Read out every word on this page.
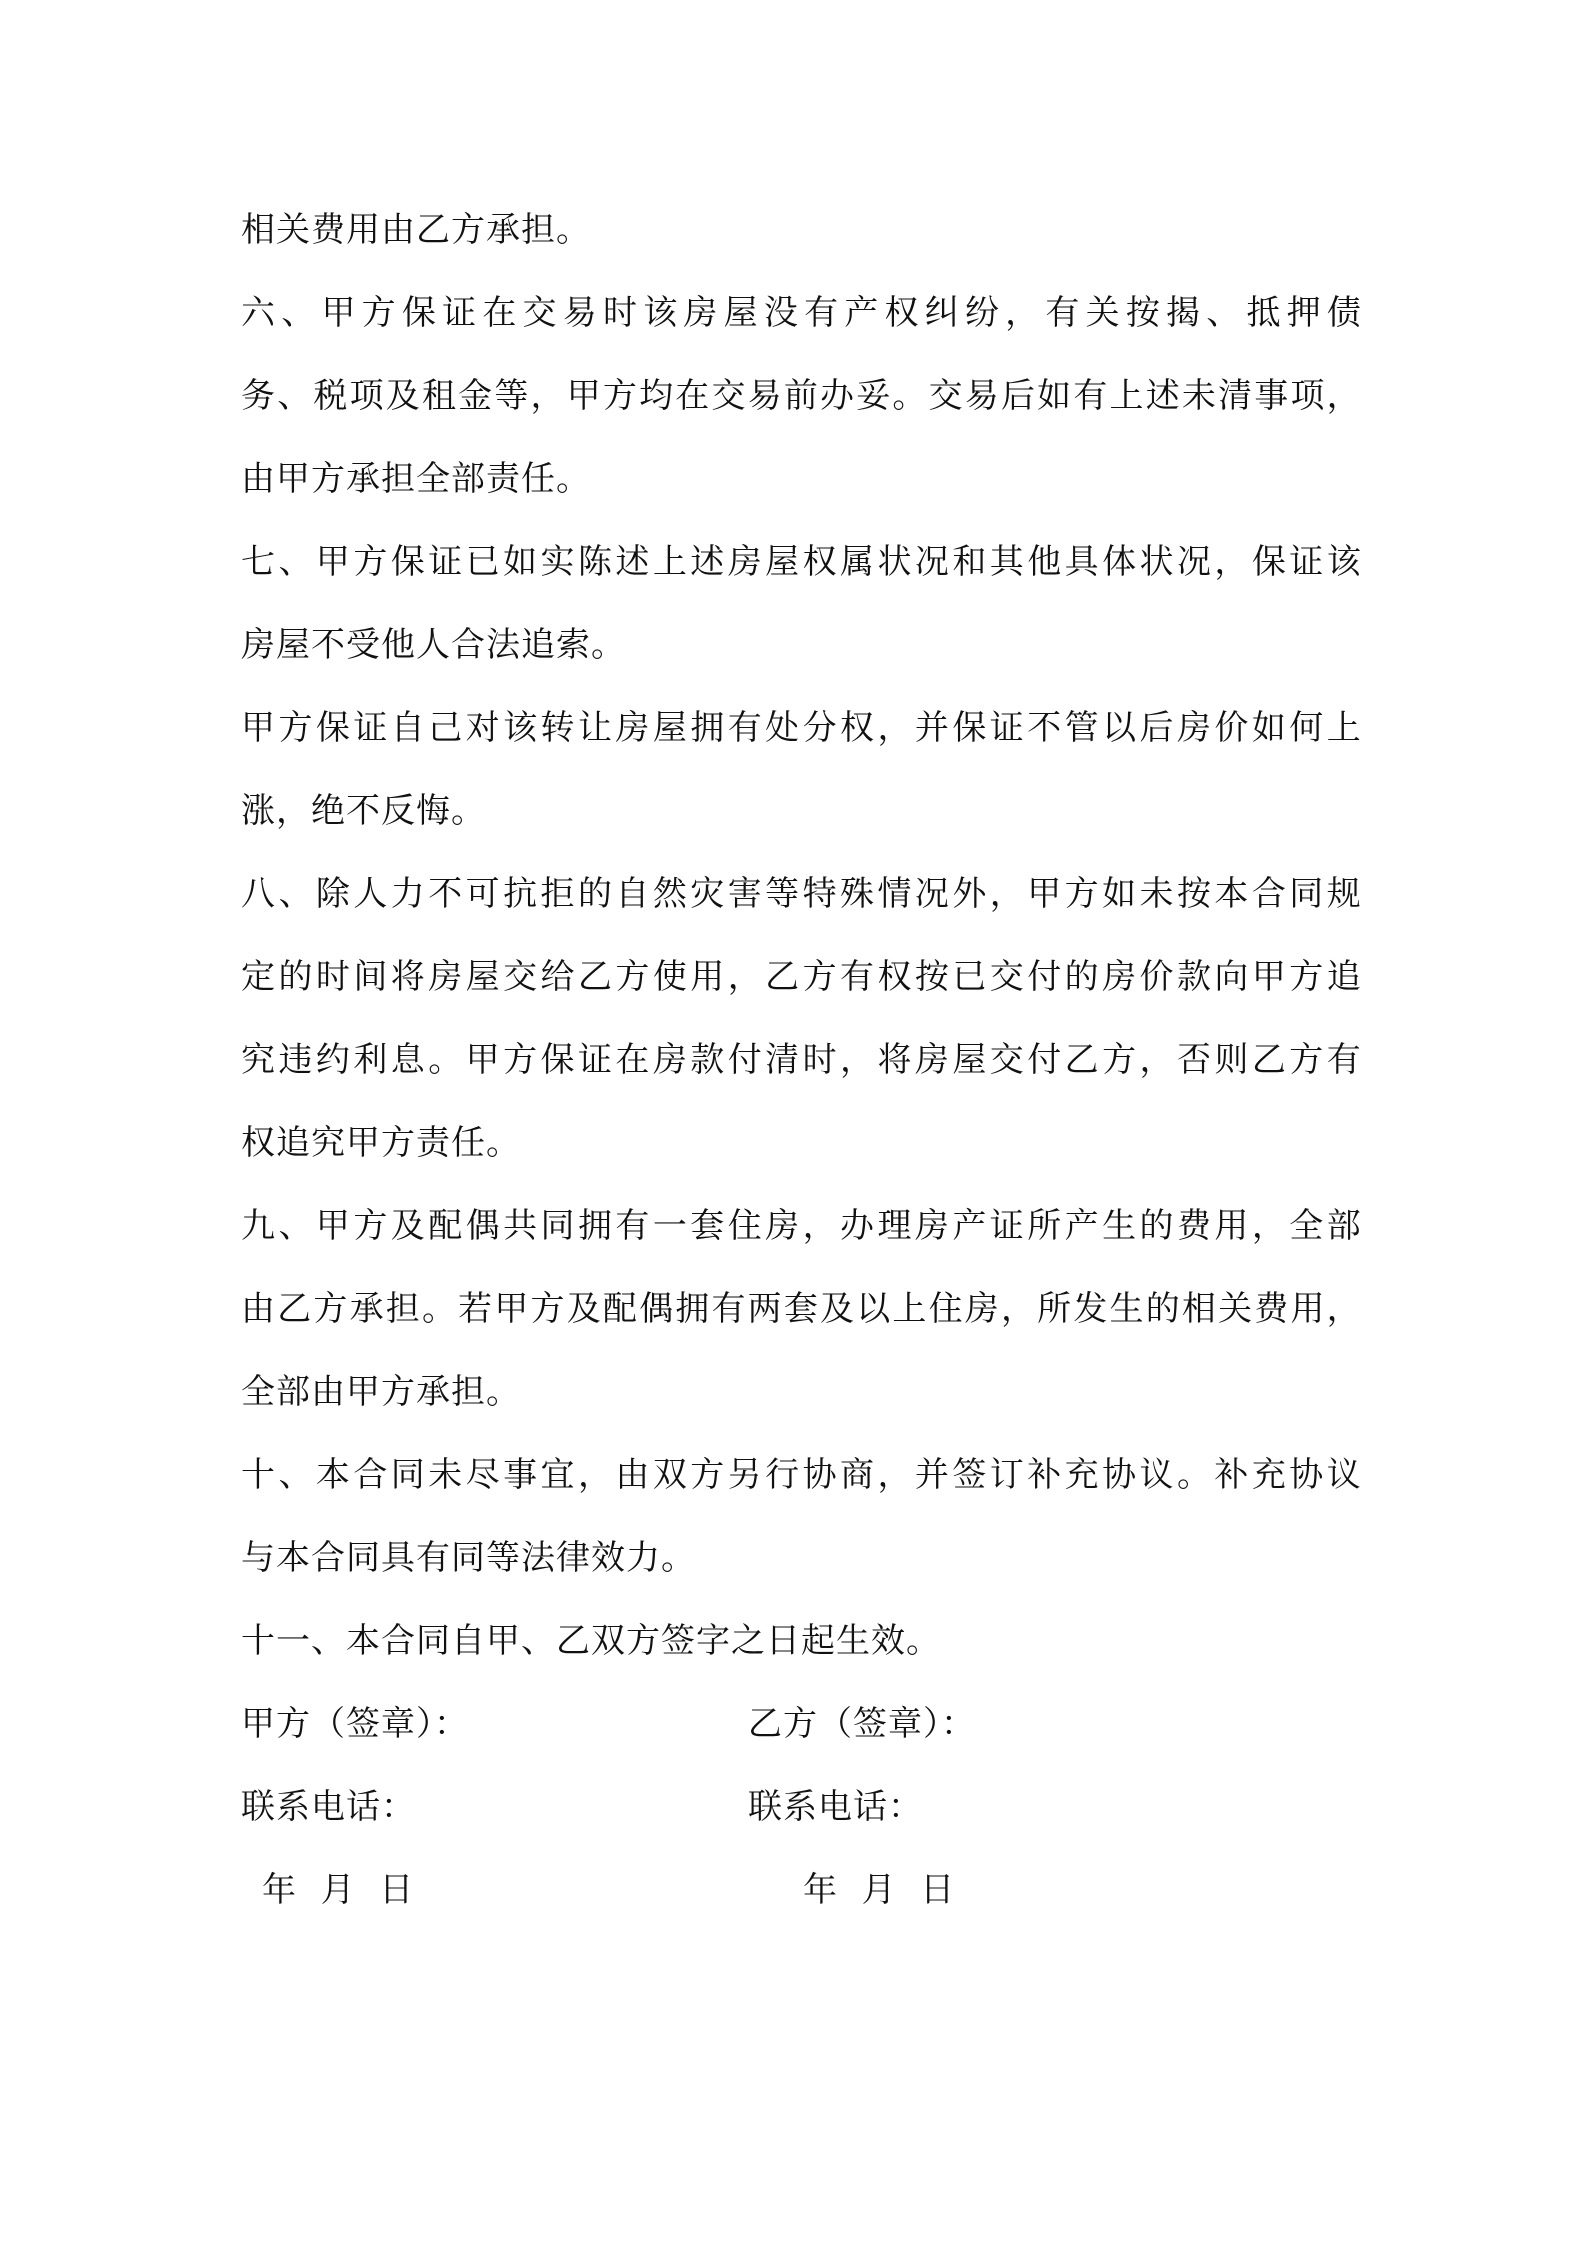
相关费用由乙方承担。
六 、 甲 方 保 证 在 交 易 时 该 房 屋 没 有 产 权 纠 纷 ， 有 关 按 揭 、 抵 押 债
务 、 税 项 及 租 金 等 ， 甲 方 均 在 交 易 前 办 妥 。 交 易 后 如 有 上 述 未 清 事 项 ，
由甲方承担全部责任。
七 、 甲 方 保 证 已 如 实 陈 述 上 述 房 屋 权 属 状 况 和 其 他 具 体 状 况 ， 保 证 该
房屋不受他人合法追索。
甲 方 保 证 自 己 对 该 转 让 房 屋 拥 有 处 分 权 ， 并 保 证 不 管 以 后 房 价 如 何 上
涨，绝不反悔。
八 、 除 人 力 不 可 抗 拒 的 自 然 灾 害 等 特 殊 情 况 外 ， 甲 方 如 未 按 本 合 同 规
定 的 时 间 将 房 屋 交 给 乙 方 使 用 ， 乙 方 有 权 按 已 交 付 的 房 价 款 向 甲 方 追
究 违 约 利 息 。 甲 方 保 证 在 房 款 付 清 时 ， 将 房 屋 交 付 乙 方 ， 否 则 乙 方 有
权追究甲方责任。
九 、 甲 方 及 配 偶 共 同 拥 有 一 套 住 房 ， 办 理 房 产 证 所 产 生 的 费 用 ， 全 部
由 乙 方 承 担 。 若 甲 方 及 配 偶 拥 有 两 套 及 以 上 住 房 ， 所 发 生 的 相 关 费 用 ，
全部由甲方承担。
十 、 本 合 同 未 尽 事 宜 ， 由 双 方 另 行 协 商 ， 并 签 订 补 充 协 议 。 补 充 协 议
与本合同具有同等法律效力。
十一、本合同自甲、乙双方签字之日起生效。
甲方（签章）：	乙方（签章）：
联系电话：	联系电话：
年  月  日	年  月  日
